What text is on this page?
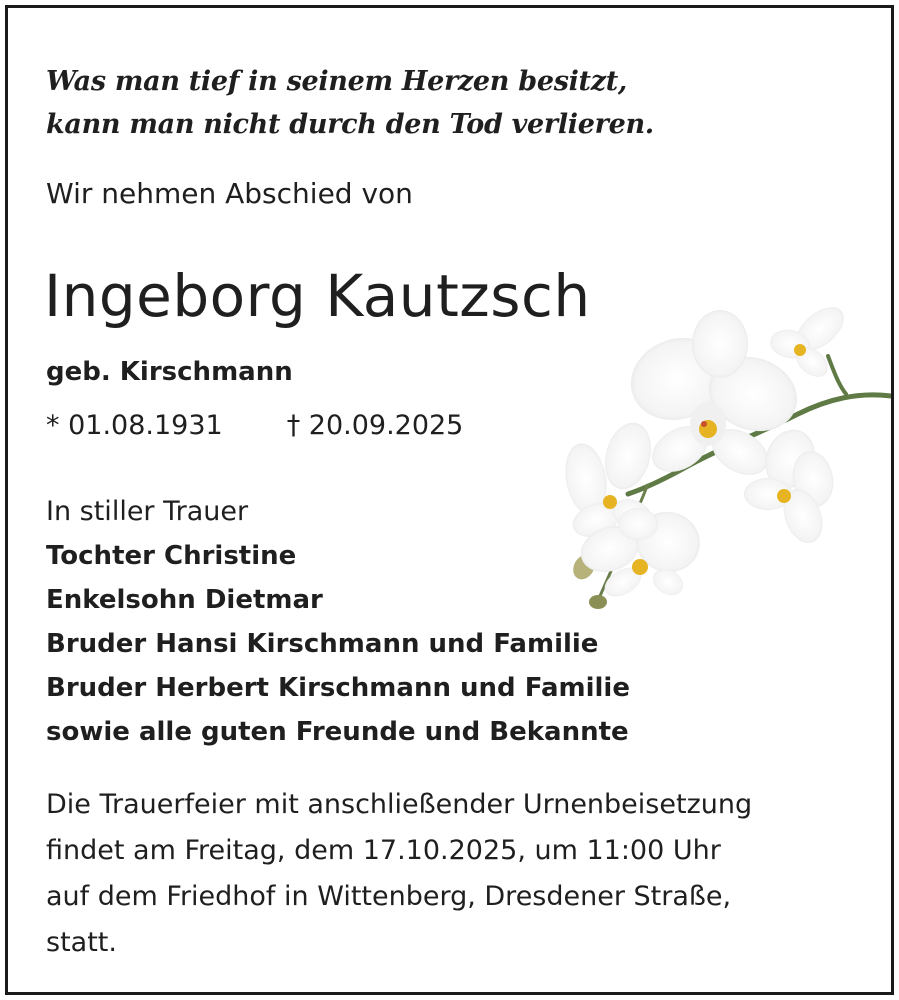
Was man tief in seinem Herzen besitzt,
kann man nicht durch den Tod verlieren.
Wir nehmen Abschied von
Ingeborg Kautzsch
geb. Kirschmann
* 01.08.1931 † 20.09.2025
In stiller Trauer
Tochter Christine
Enkelsohn Dietmar
Bruder Hansi Kirschmann und Familie
Bruder Herbert Kirschmann und Familie
sowie alle guten Freunde und Bekannte
Die Trauerfeier mit anschließender Urnenbeisetzung
findet am Freitag, dem 17.10.2025, um 11:00 Uhr
auf dem Friedhof in Wittenberg, Dresdener Straße,
statt.
